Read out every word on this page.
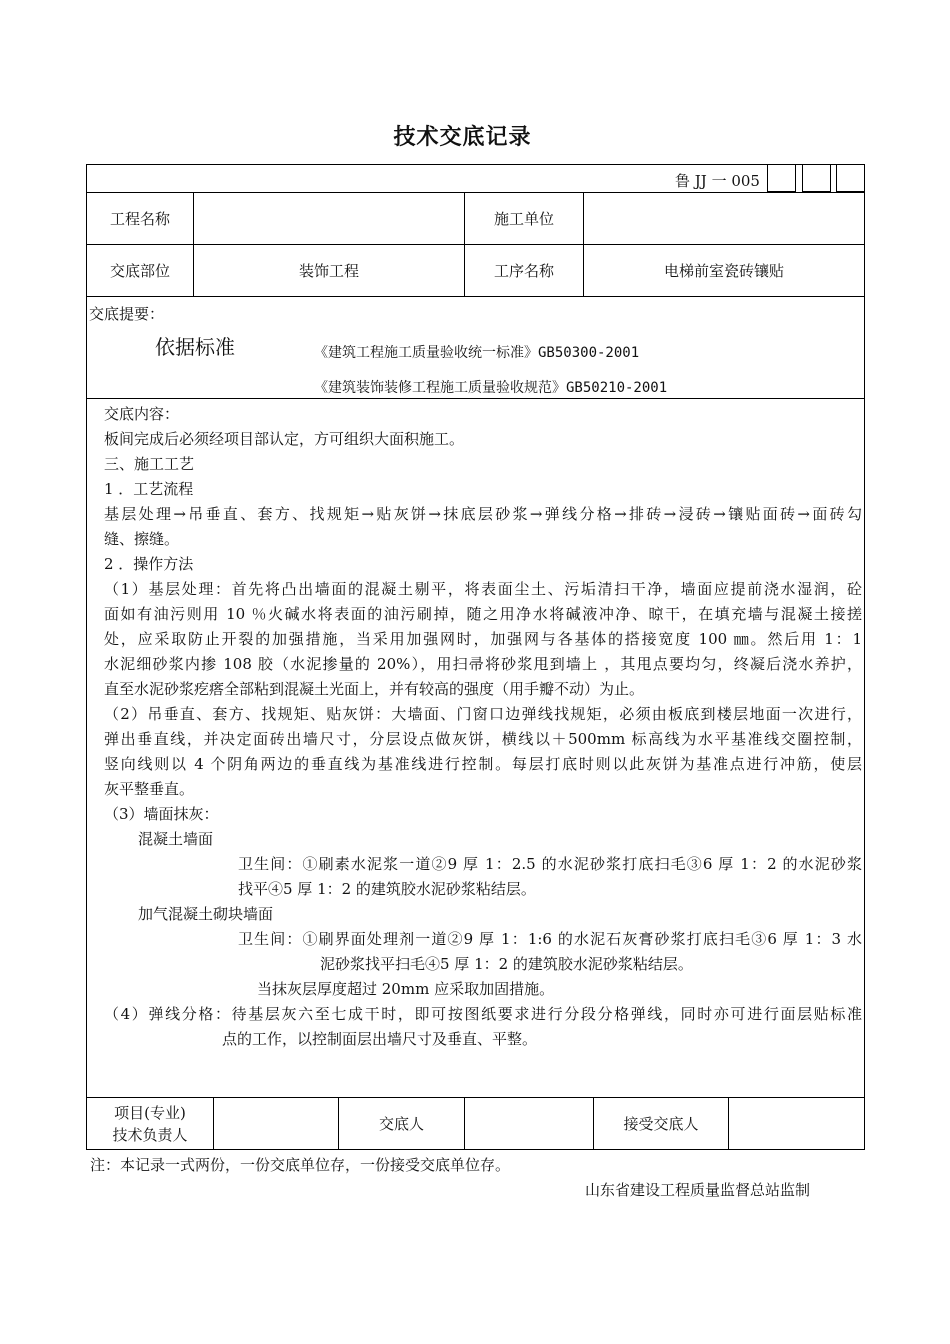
技术交底记录
鲁 JJ 一 005
工程名称	施工单位
交底部位	装饰工程	工序名称	电梯前室瓷砖镶贴
交底提要：
依据标准	《建筑工程施工质量验收统一标准》GB50300-2001
《建筑装饰装修工程施工质量验收规范》GB50210-2001
交底内容：
板间完成后必须经项目部认定，方可组织大面积施工。
三、施工工艺
1 ．工艺流程
基层处理→吊垂直、套方、找规矩→贴灰饼→抹底层砂浆→弹线分格→排砖→浸砖→镶贴面砖→面砖勾
缝、擦缝。
2 ．操作方法
（1）基层处理：首先将凸出墙面的混凝土剔平，将表面尘土、污垢清扫干净，墙面应提前浇水湿润，砼
面如有油污则用 10 ％火碱水将表面的油污刷掉，随之用净水将碱液冲净、晾干，在填充墙与混凝土接搓
处，应采取防止开裂的加强措施，当采用加强网时，加强网与各基体的搭接宽度 100 ㎜。然后用 1：1
水泥细砂浆内掺 108 胶（水泥掺量的 20%），用扫帚将砂浆甩到墙上 ，其甩点要均匀，终凝后浇水养护，
直至水泥砂浆疙瘩全部粘到混凝土光面上，并有较高的强度（用手瓣不动）为止。
（2）吊垂直、套方、找规矩、贴灰饼：大墙面、门窗口边弹线找规矩，必须由板底到楼层地面一次进行，
弹出垂直线，并决定面砖出墙尺寸，分层设点做灰饼，横线以＋500mm 标高线为水平基准线交圈控制，
竖向线则以 4 个阴角两边的垂直线为基准线进行控制。每层打底时则以此灰饼为基准点进行冲筋，使层
灰平整垂直。
（3）墙面抹灰：
混凝土墙面
卫生间：①刷素水泥浆一道②9 厚 1：2.5 的水泥砂浆打底扫毛③6 厚 1：2 的水泥砂浆
找平④5 厚 1：2 的建筑胶水泥砂浆粘结层。
加气混凝土砌块墙面
卫生间：①刷界面处理剂一道②9 厚 1：1:6 的水泥石灰膏砂浆打底扫毛③6 厚 1：3 水
泥砂浆找平扫毛④5 厚 1：2 的建筑胶水泥砂浆粘结层。
当抹灰层厚度超过 20mm 应采取加固措施。
（4）弹线分格：待基层灰六至七成干时，即可按图纸要求进行分段分格弹线，同时亦可进行面层贴标准
点的工作，以控制面层出墙尺寸及垂直、平整。
项目(专业)
技术负责人
交底人	接受交底人
注：本记录一式两份，一份交底单位存，一份接受交底单位存。
山东省建设工程质量监督总站监制
